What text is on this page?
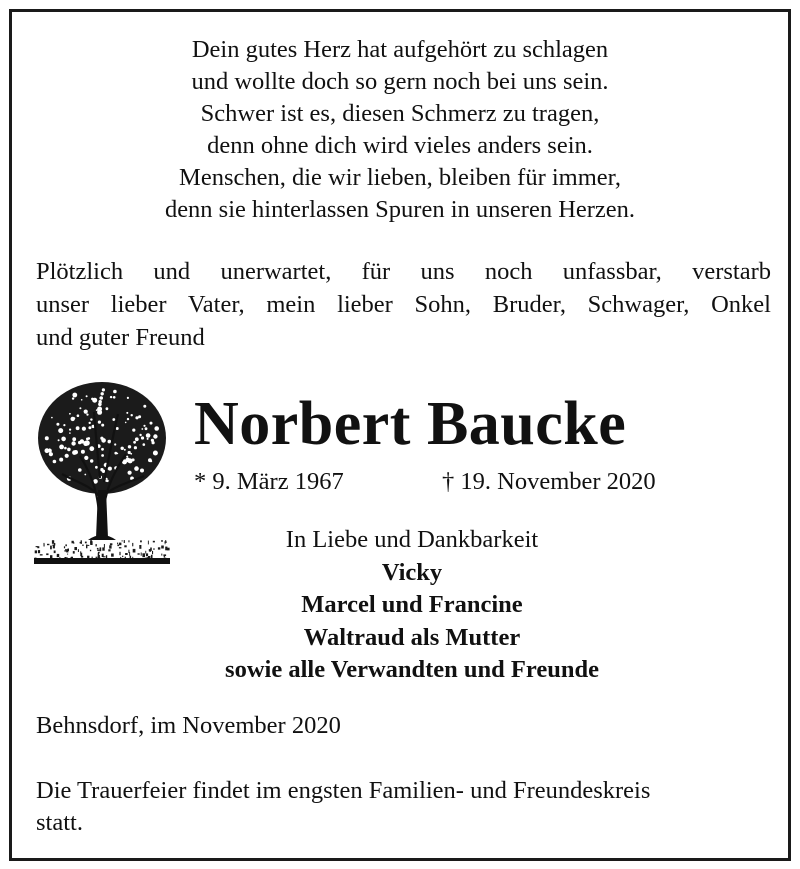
Dein gutes Herz hat aufgehört zu schlagen
und wollte doch so gern noch bei uns sein.
Schwer ist es, diesen Schmerz zu tragen,
denn ohne dich wird vieles anders sein.
Menschen, die wir lieben, bleiben für immer,
denn sie hinterlassen Spuren in unseren Herzen.
Plötzlich und unerwartet, für uns noch unfassbar, verstarb
unser lieber Vater, mein lieber Sohn, Bruder, Schwager, Onkel
und guter Freund
Norbert Baucke
* 9. März 1967	† 19. November 2020
In Liebe und Dankbarkeit
Vicky
Marcel und Francine
Waltraud als Mutter
sowie alle Verwandten und Freunde
Behnsdorf, im November 2020
Die Trauerfeier findet im engsten Familien- und Freundeskreis
statt.
